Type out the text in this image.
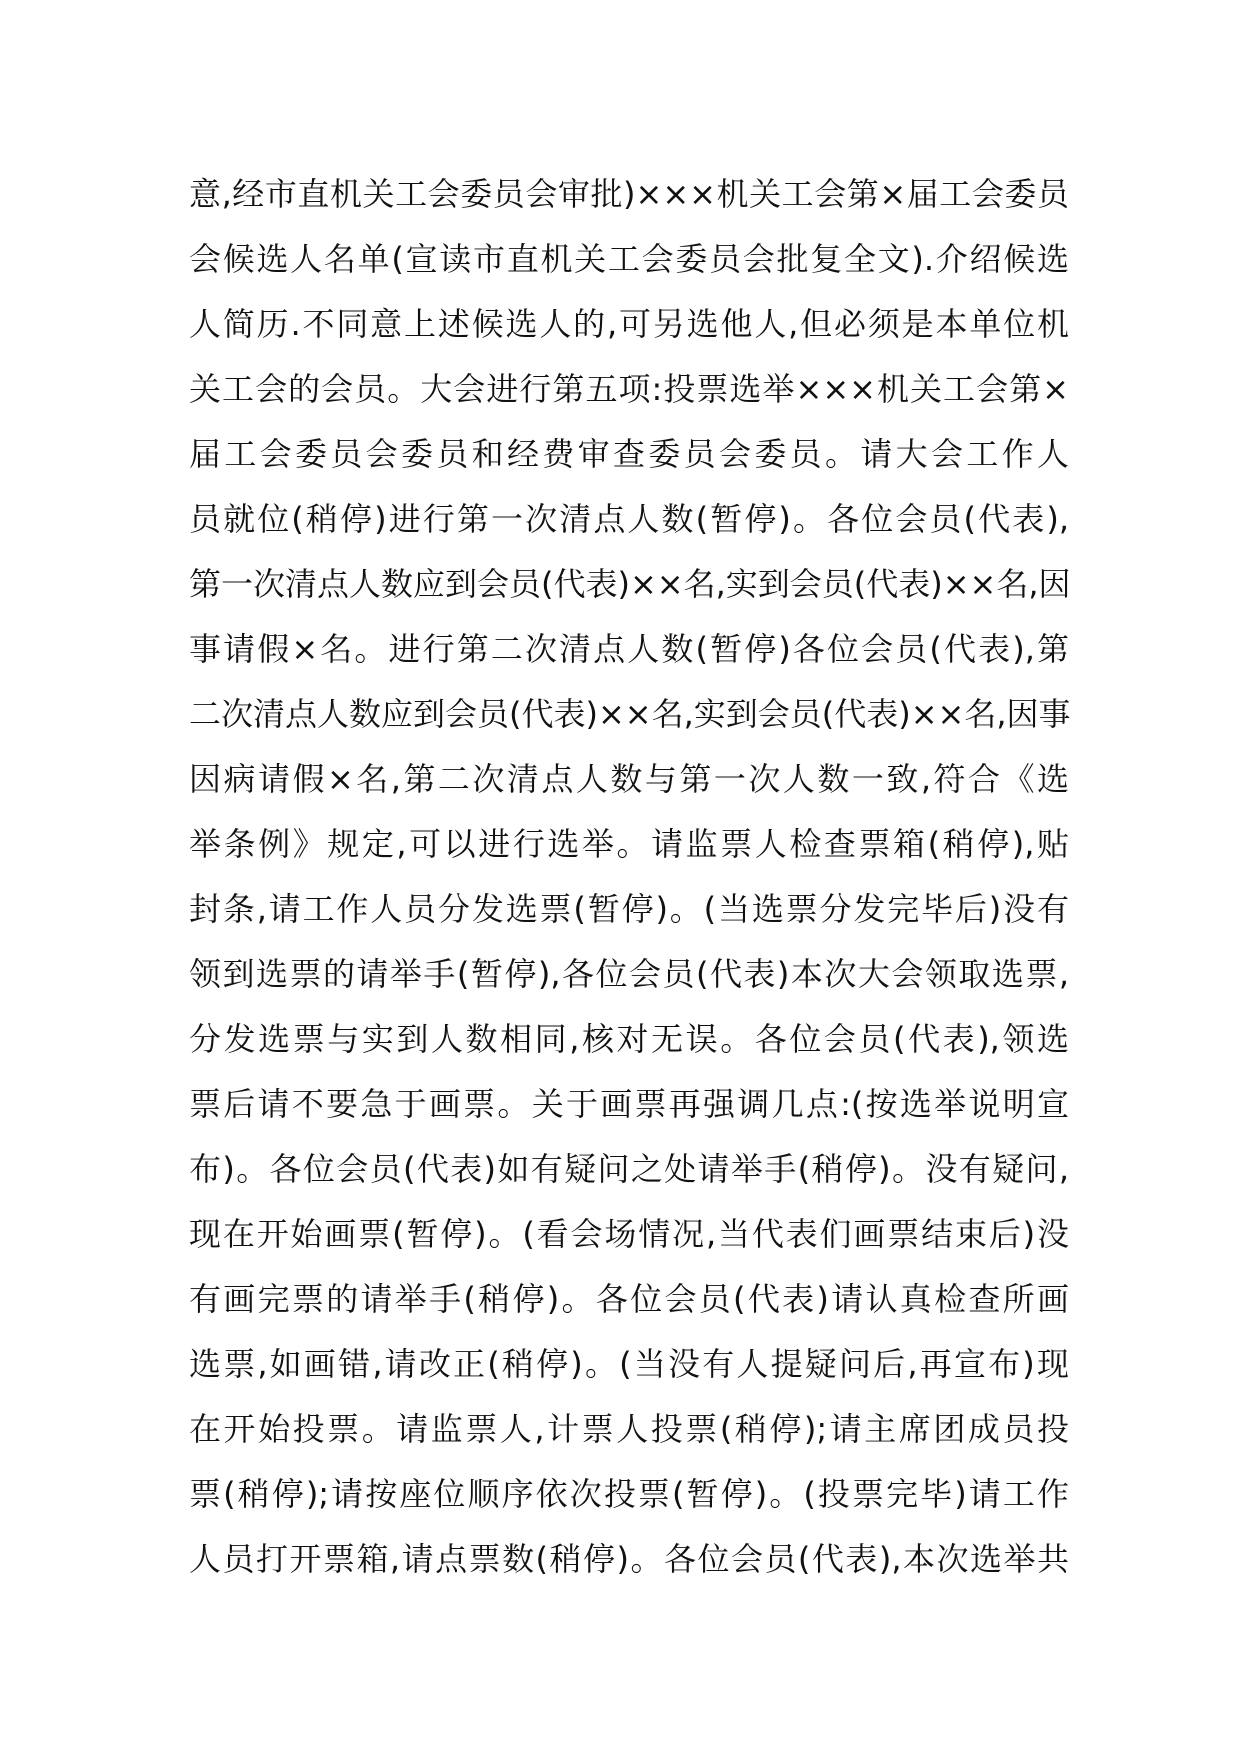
意,经市直机关工会委员会审批)×××机关工会第×届工会委员
会候选人名单(宣读市直机关工会委员会批复全文).介绍候选
人简历.不同意上述候选人的,可另选他人,但必须是本单位机
关工会的会员。大会进行第五项:投票选举×××机关工会第×
届工会委员会委员和经费审查委员会委员。请大会工作人
员就位(稍停)进行第一次清点人数(暂停)。各位会员(代表),
第一次清点人数应到会员(代表)××名,实到会员(代表)××名,因
事请假×名。进行第二次清点人数(暂停)各位会员(代表),第
二次清点人数应到会员(代表)××名,实到会员(代表)××名,因事
因病请假×名,第二次清点人数与第一次人数一致,符合《选
举条例》规定,可以进行选举。请监票人检查票箱(稍停),贴
封条,请工作人员分发选票(暂停)。(当选票分发完毕后)没有
领到选票的请举手(暂停),各位会员(代表)本次大会领取选票,
分发选票与实到人数相同,核对无误。各位会员(代表),领选
票后请不要急于画票。关于画票再强调几点:(按选举说明宣
布)。各位会员(代表)如有疑问之处请举手(稍停)。没有疑问,
现在开始画票(暂停)。(看会场情况,当代表们画票结束后)没
有画完票的请举手(稍停)。各位会员(代表)请认真检查所画
选票,如画错,请改正(稍停)。(当没有人提疑问后,再宣布)现
在开始投票。请监票人,计票人投票(稍停);请主席团成员投
票(稍停);请按座位顺序依次投票(暂停)。(投票完毕)请工作
人员打开票箱,请点票数(稍停)。各位会员(代表),本次选举共
